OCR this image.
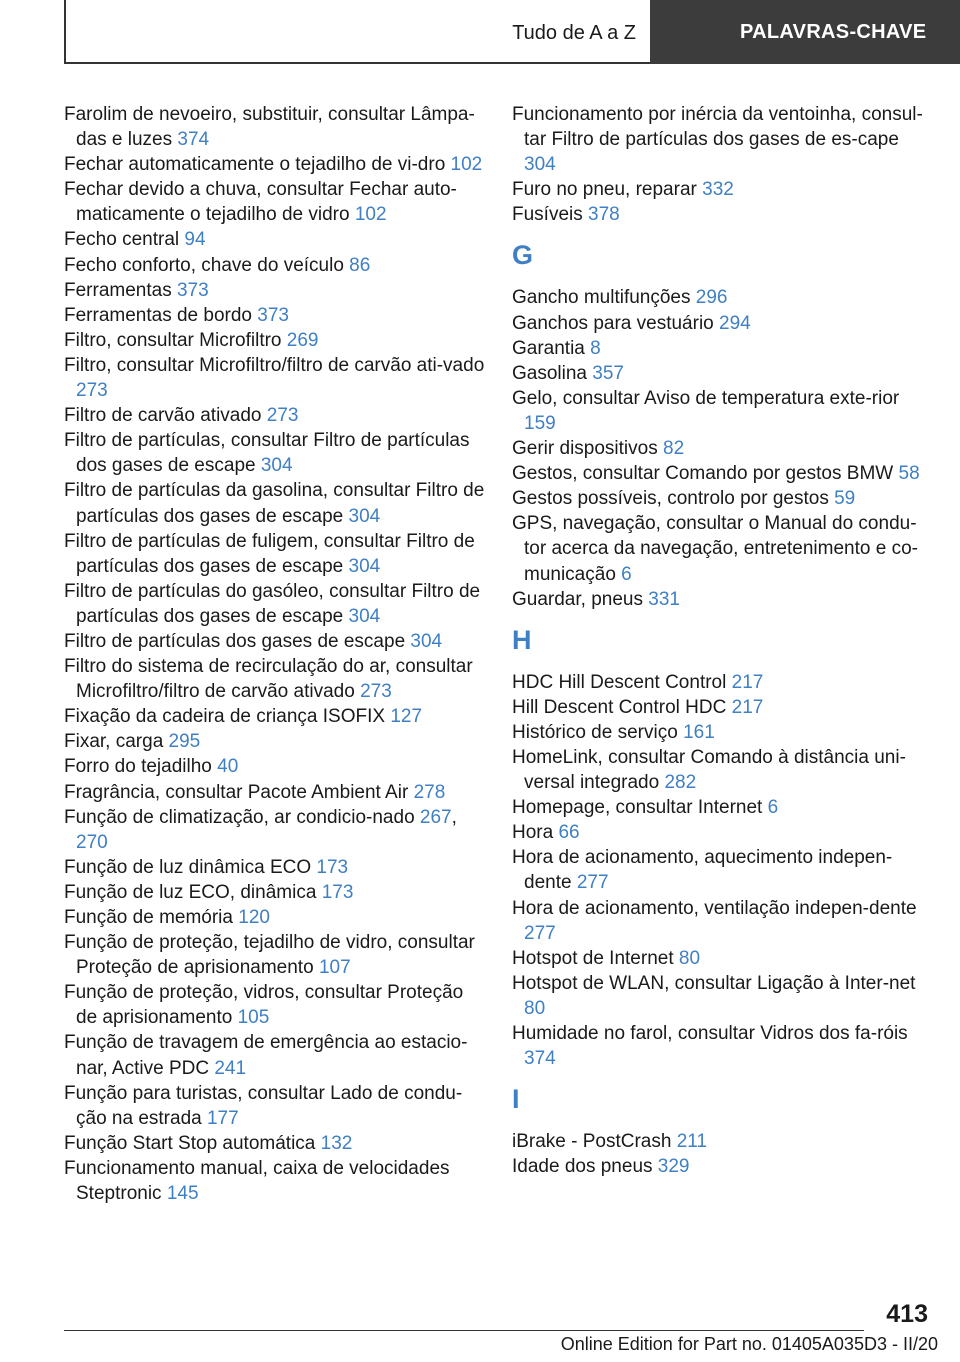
Tudo de A a Z	PALAVRAS-CHAVE
Farolim de nevoeiro, substituir, consultar Lâmpa-das e luzes 374
Fechar automaticamente o tejadilho de vi-dro 102
Fechar devido a chuva, consultar Fechar auto-maticamente o tejadilho de vidro 102
Fecho central 94
Fecho conforto, chave do veículo 86
Ferramentas 373
Ferramentas de bordo 373
Filtro, consultar Microfiltro 269
Filtro, consultar Microfiltro/filtro de carvão ati-vado 273
Filtro de carvão ativado 273
Filtro de partículas, consultar Filtro de partículas dos gases de escape 304
Filtro de partículas da gasolina, consultar Filtro de partículas dos gases de escape 304
Filtro de partículas de fuligem, consultar Filtro de partículas dos gases de escape 304
Filtro de partículas do gasóleo, consultar Filtro de partículas dos gases de escape 304
Filtro de partículas dos gases de escape 304
Filtro do sistema de recirculação do ar, consultar Microfiltro/filtro de carvão ativado 273
Fixação da cadeira de criança ISOFIX 127
Fixar, carga 295
Forro do tejadilho 40
Fragrância, consultar Pacote Ambient Air 278
Função de climatização, ar condicio-nado 267, 270
Função de luz dinâmica ECO 173
Função de luz ECO, dinâmica 173
Função de memória 120
Função de proteção, tejadilho de vidro, consultar Proteção de aprisionamento 107
Função de proteção, vidros, consultar Proteção de aprisionamento 105
Função de travagem de emergência ao estacio-nar, Active PDC 241
Função para turistas, consultar Lado de condu-ção na estrada 177
Função Start Stop automática 132
Funcionamento manual, caixa de velocidades Steptronic 145
Funcionamento por inércia da ventoinha, consul-tar Filtro de partículas dos gases de es-cape 304
Furo no pneu, reparar 332
Fusíveis 378
G
Gancho multifunções 296
Ganchos para vestuário 294
Garantia 8
Gasolina 357
Gelo, consultar Aviso de temperatura exte-rior 159
Gerir dispositivos 82
Gestos, consultar Comando por gestos BMW 58
Gestos possíveis, controlo por gestos 59
GPS, navegação, consultar o Manual do condu-tor acerca da navegação, entretenimento e co-municação 6
Guardar, pneus 331
H
HDC Hill Descent Control 217
Hill Descent Control HDC 217
Histórico de serviço 161
HomeLink, consultar Comando à distância uni-versal integrado 282
Homepage, consultar Internet 6
Hora 66
Hora de acionamento, aquecimento indepen-dente 277
Hora de acionamento, ventilação indepen-dente 277
Hotspot de Internet 80
Hotspot de WLAN, consultar Ligação à Inter-net 80
Humidade no farol, consultar Vidros dos fa-róis 374
I
iBrake - PostCrash 211
Idade dos pneus 329
413
Online Edition for Part no. 01405A035D3 - II/20
